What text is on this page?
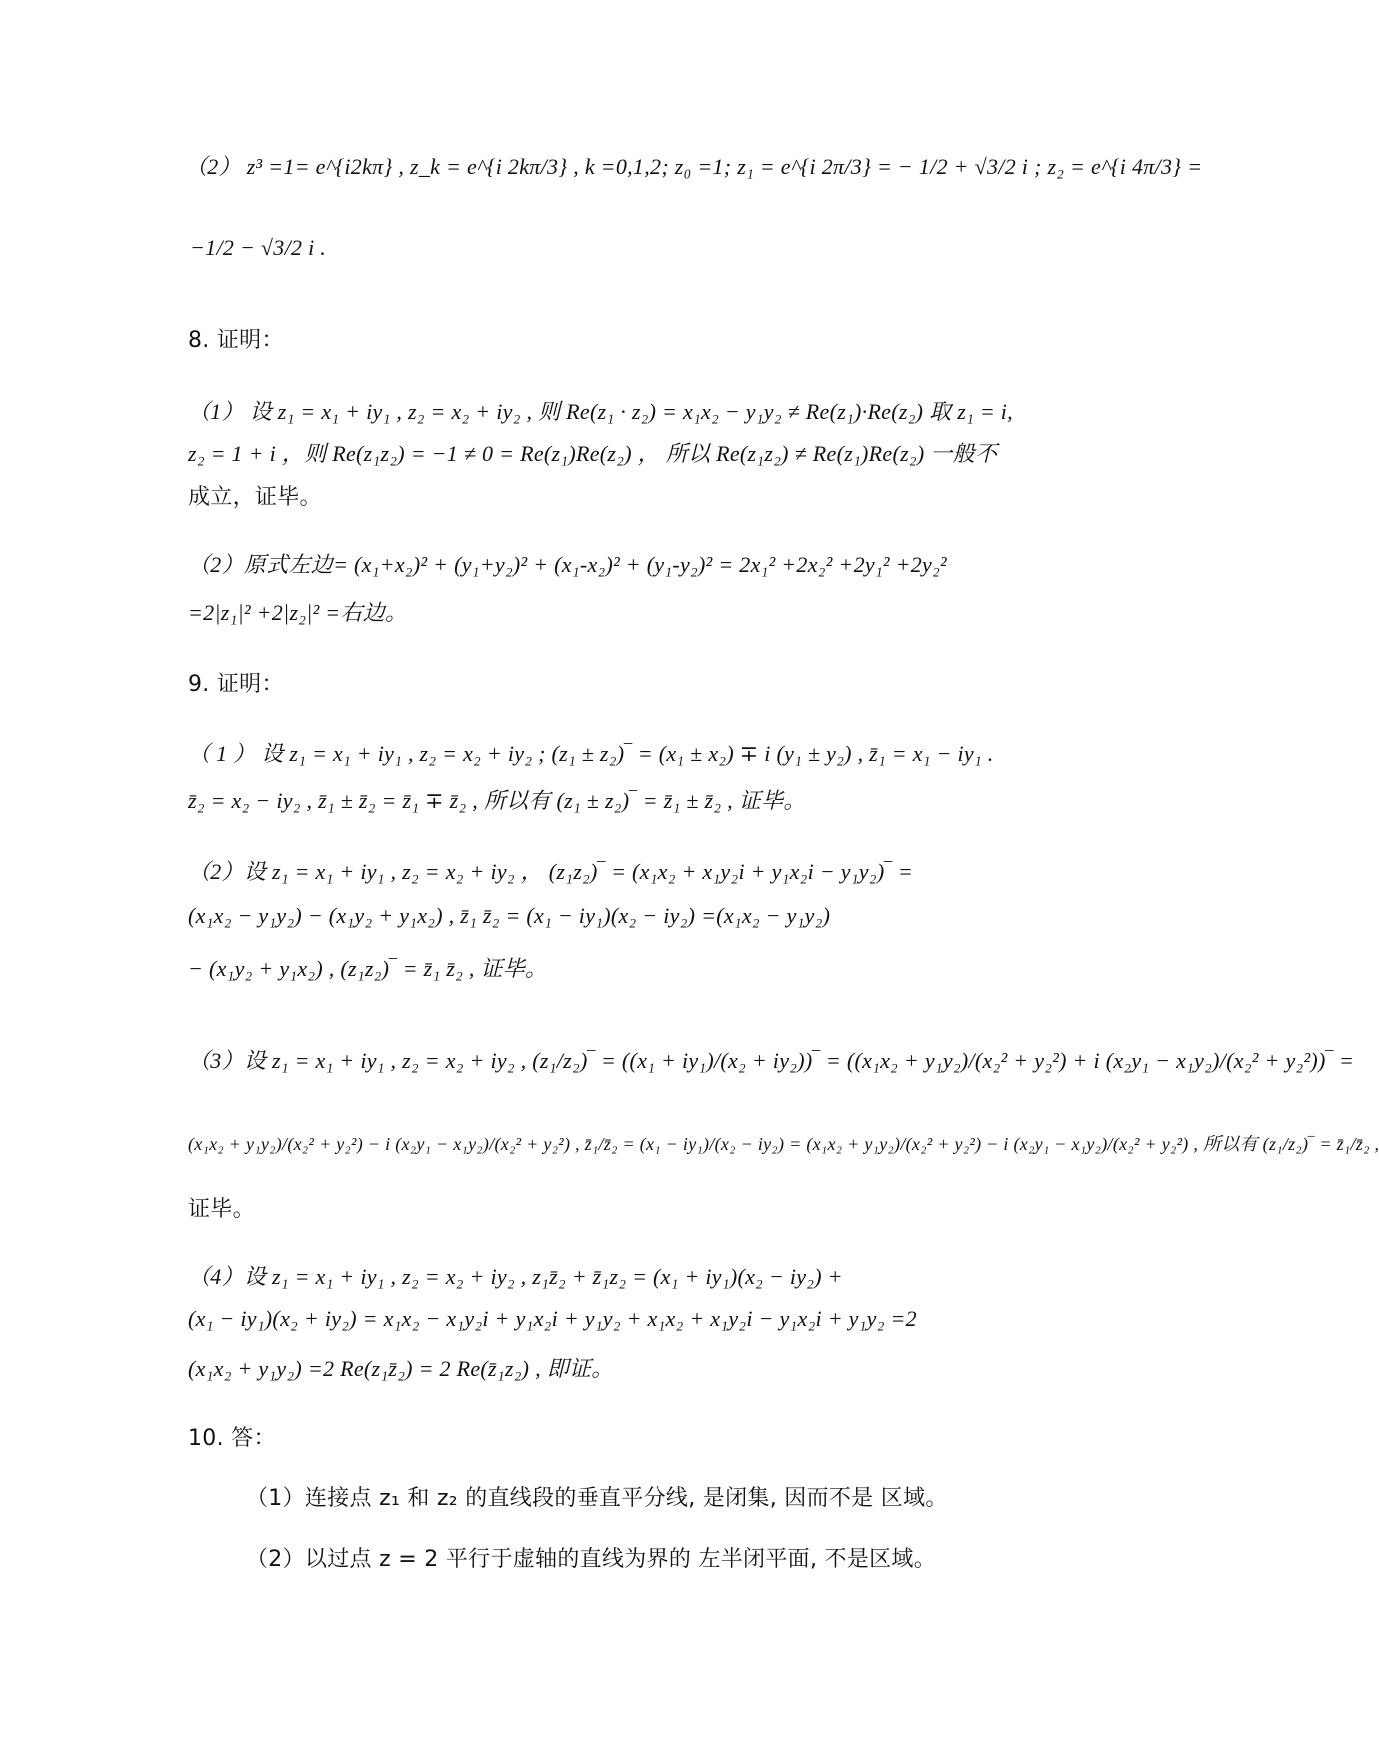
（2） z³ =1= e^{i2kπ} , z_k = e^{i 2kπ/3} , k =0,1,2; z₀ =1; z₁ = e^{i 2π/3} = − 1/2 + √3/2 i ; z₂ = e^{i 4π/3} =
−1/2 − √3/2 i .
8. 证明：
（1） 设 z₁ = x₁ + iy₁ , z₂ = x₂ + iy₂ , 则 Re(z₁ · z₂) = x₁x₂ − y₁y₂ ≠ Re(z₁)·Re(z₂) 取 z₁ = i,
z₂ = 1 + i ，则 Re(z₁z₂) = −1 ≠ 0 = Re(z₁)Re(z₂) ， 所以 Re(z₁z₂) ≠ Re(z₁)Re(z₂) 一般不
成立，证毕。
（2）原式左边= (x₁+x₂)² + (y₁+y₂)² + (x₁-x₂)² + (y₁-y₂)² = 2x₁² +2x₂² +2y₁² +2y₂²
=2|z₁|² +2|z₂|² =右边。
9. 证明：
（ 1 ） 设 z₁ = x₁ + iy₁ , z₂ = x₂ + iy₂ ; (z₁ ± z₂)‾ = (x₁ ± x₂) ∓ i (y₁ ± y₂) , z̄₁ = x₁ − iy₁ .
z̄₂ = x₂ − iy₂ , z̄₁ ± z̄₂ = z̄₁ ∓ z̄₂ , 所以有 (z₁ ± z₂)‾ = z̄₁ ± z̄₂ , 证毕。
（2）设 z₁ = x₁ + iy₁ , z₂ = x₂ + iy₂ ， (z₁z₂)‾ = (x₁x₂ + x₁y₂i + y₁x₂i − y₁y₂)‾ =
(x₁x₂ − y₁y₂) − (x₁y₂ + y₁x₂) , z̄₁ z̄₂ = (x₁ − iy₁)(x₂ − iy₂) =(x₁x₂ − y₁y₂)
− (x₁y₂ + y₁x₂) , (z₁z₂)‾ = z̄₁ z̄₂ , 证毕。
（3）设 z₁ = x₁ + iy₁ , z₂ = x₂ + iy₂ , (z₁/z₂)‾ = ((x₁ + iy₁)/(x₂ + iy₂))‾ = ((x₁x₂ + y₁y₂)/(x₂² + y₂²) + i (x₂y₁ − x₁y₂)/(x₂² + y₂²))‾ =
(x₁x₂ + y₁y₂)/(x₂² + y₂²) − i (x₂y₁ − x₁y₂)/(x₂² + y₂²) , z̄₁/z̄₂ = (x₁ − iy₁)/(x₂ − iy₂) = (x₁x₂ + y₁y₂)/(x₂² + y₂²) − i (x₂y₁ − x₁y₂)/(x₂² + y₂²) , 所以有 (z₁/z₂)‾ = z̄₁/z̄₂ ,
证毕。
（4）设 z₁ = x₁ + iy₁ , z₂ = x₂ + iy₂ , z₁z̄₂ + z̄₁z₂ = (x₁ + iy₁)(x₂ − iy₂) +
(x₁ − iy₁)(x₂ + iy₂) = x₁x₂ − x₁y₂i + y₁x₂i + y₁y₂ + x₁x₂ + x₁y₂i − y₁x₂i + y₁y₂ =2
(x₁x₂ + y₁y₂) =2 Re(z₁z̄₂) = 2 Re(z̄₁z₂) , 即证。
10. 答：
（1）连接点 z₁ 和 z₂ 的直线段的垂直平分线, 是闭集, 因而不是 区域。
（2）以过点 z = 2 平行于虚轴的直线为界的 左半闭平面, 不是区域。
